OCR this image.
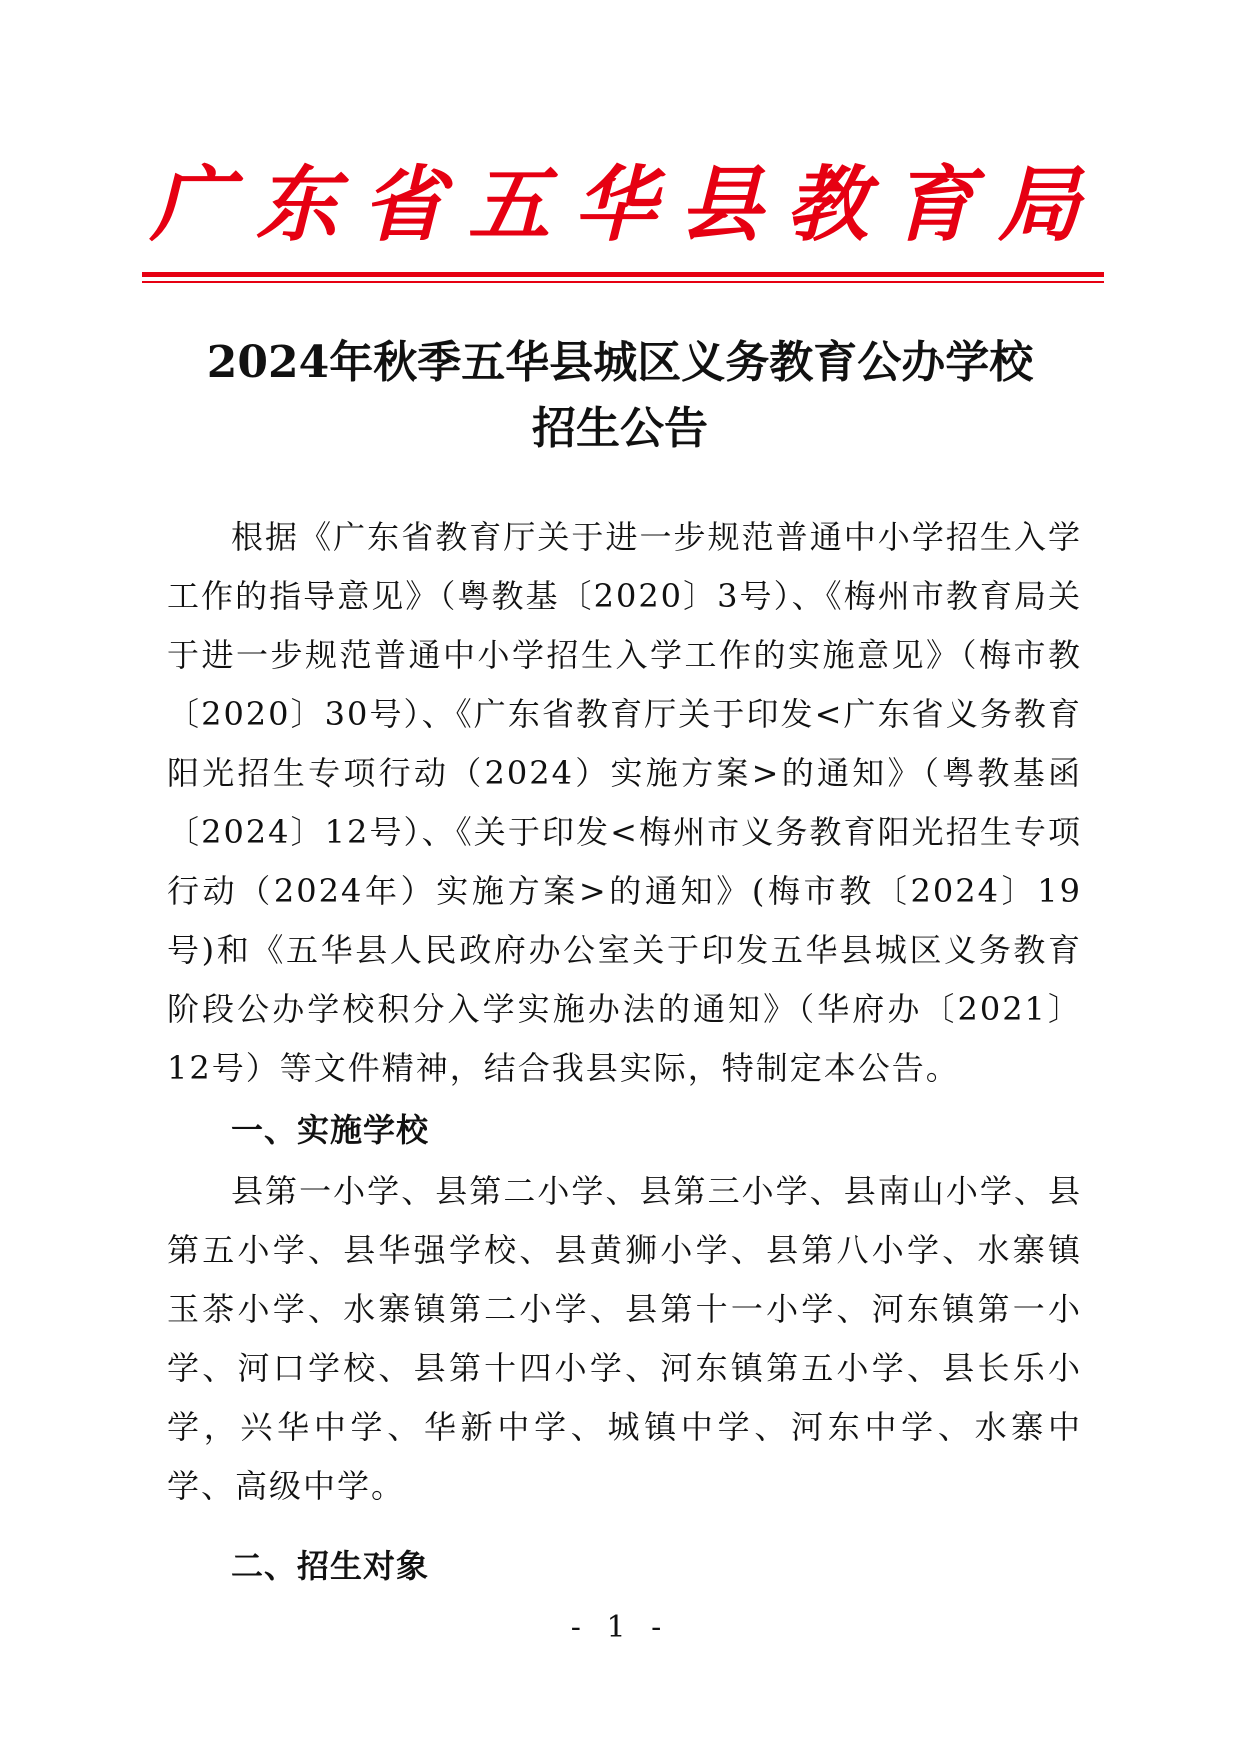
广 东 省 五 华 县 教 育 局
2024年秋季五华县城区义务教育公办学校
招生公告

根据《广东省教育厅关于进一步规范普通中小学招生入学工作的指导意见》（粤教基〔2020〕3号）、《梅州市教育局关于进一步规范普通中小学招生入学工作的实施意见》（梅市教〔2020〕30号）、《广东省教育厅关于印发<广东省义务教育阳光招生专项行动（2024）实施方案>的通知》（粤教基函〔2024〕12号）、《关于印发<梅州市义务教育阳光招生专项行动（2024年）实施方案>的通知》(梅市教〔2024〕19号)和《五华县人民政府办公室关于印发五华县城区义务教育阶段公办学校积分入学实施办法的通知》（华府办〔2021〕12号）等文件精神，结合我县实际，特制定本公告。

一、实施学校

县第一小学、县第二小学、县第三小学、县南山小学、县第五小学、县华强学校、县黄狮小学、县第八小学、水寨镇玉茶小学、水寨镇第二小学、县第十一小学、河东镇第一小学、河口学校、县第十四小学、河东镇第五小学、县长乐小学，兴华中学、华新中学、城镇中学、河东中学、水寨中学、高级中学。

二、招生对象

- 1 -
